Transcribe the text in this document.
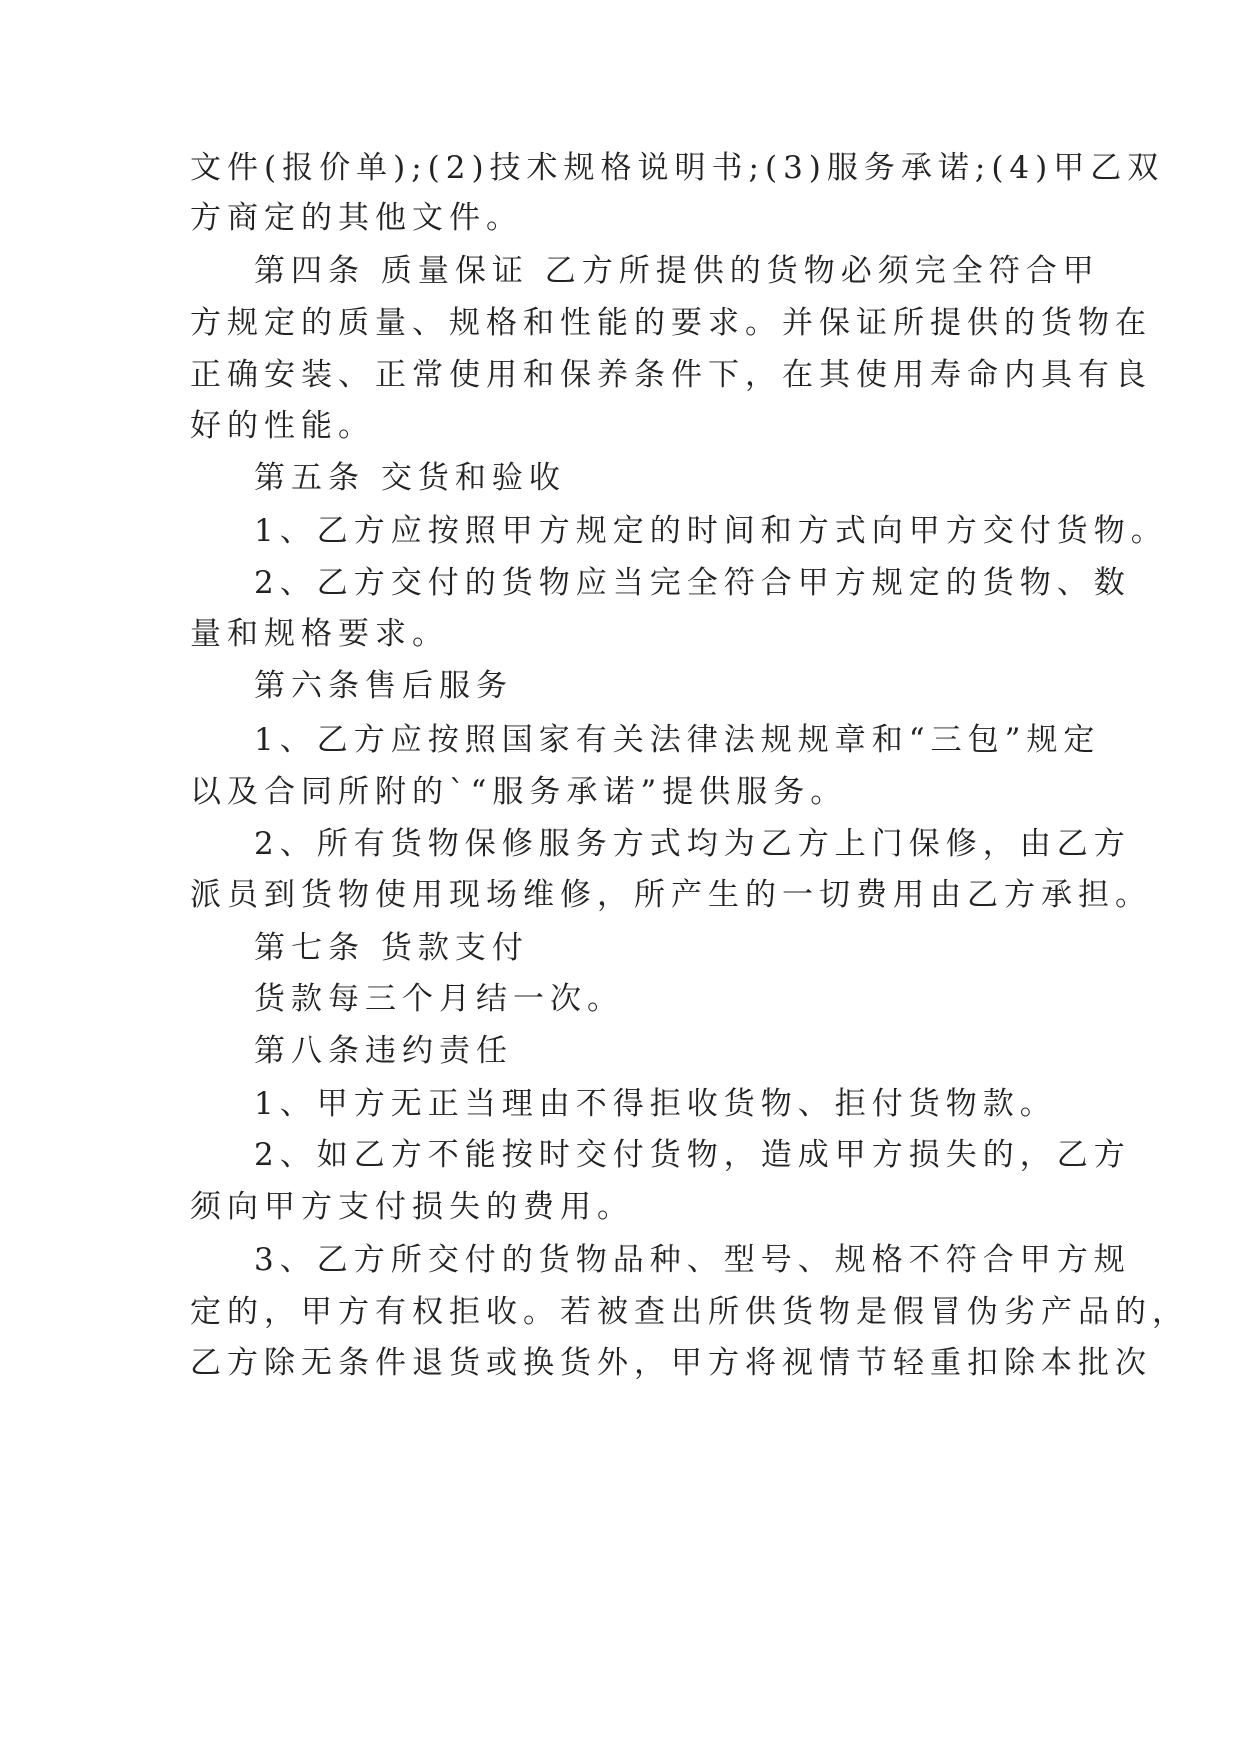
文件(报价单);(2)技术规格说明书;(3)服务承诺;(4)甲乙双
方商定的其他文件。
第四条 质量保证 乙方所提供的货物必须完全符合甲
方规定的质量、规格和性能的要求。并保证所提供的货物在
正确安装、正常使用和保养条件下，在其使用寿命内具有良
好的性能。
第五条 交货和验收
1、乙方应按照甲方规定的时间和方式向甲方交付货物。
2、乙方交付的货物应当完全符合甲方规定的货物、数
量和规格要求。
第六条售后服务
1、乙方应按照国家有关法律法规规章和“三包”规定
以及合同所附的`“服务承诺”提供服务。
2、所有货物保修服务方式均为乙方上门保修，由乙方
派员到货物使用现场维修，所产生的一切费用由乙方承担。
第七条 货款支付
货款每三个月结一次。
第八条违约责任
1、甲方无正当理由不得拒收货物、拒付货物款。
2、如乙方不能按时交付货物，造成甲方损失的，乙方
须向甲方支付损失的费用。
3、乙方所交付的货物品种、型号、规格不符合甲方规
定的，甲方有权拒收。若被查出所供货物是假冒伪劣产品的，
乙方除无条件退货或换货外，甲方将视情节轻重扣除本批次
